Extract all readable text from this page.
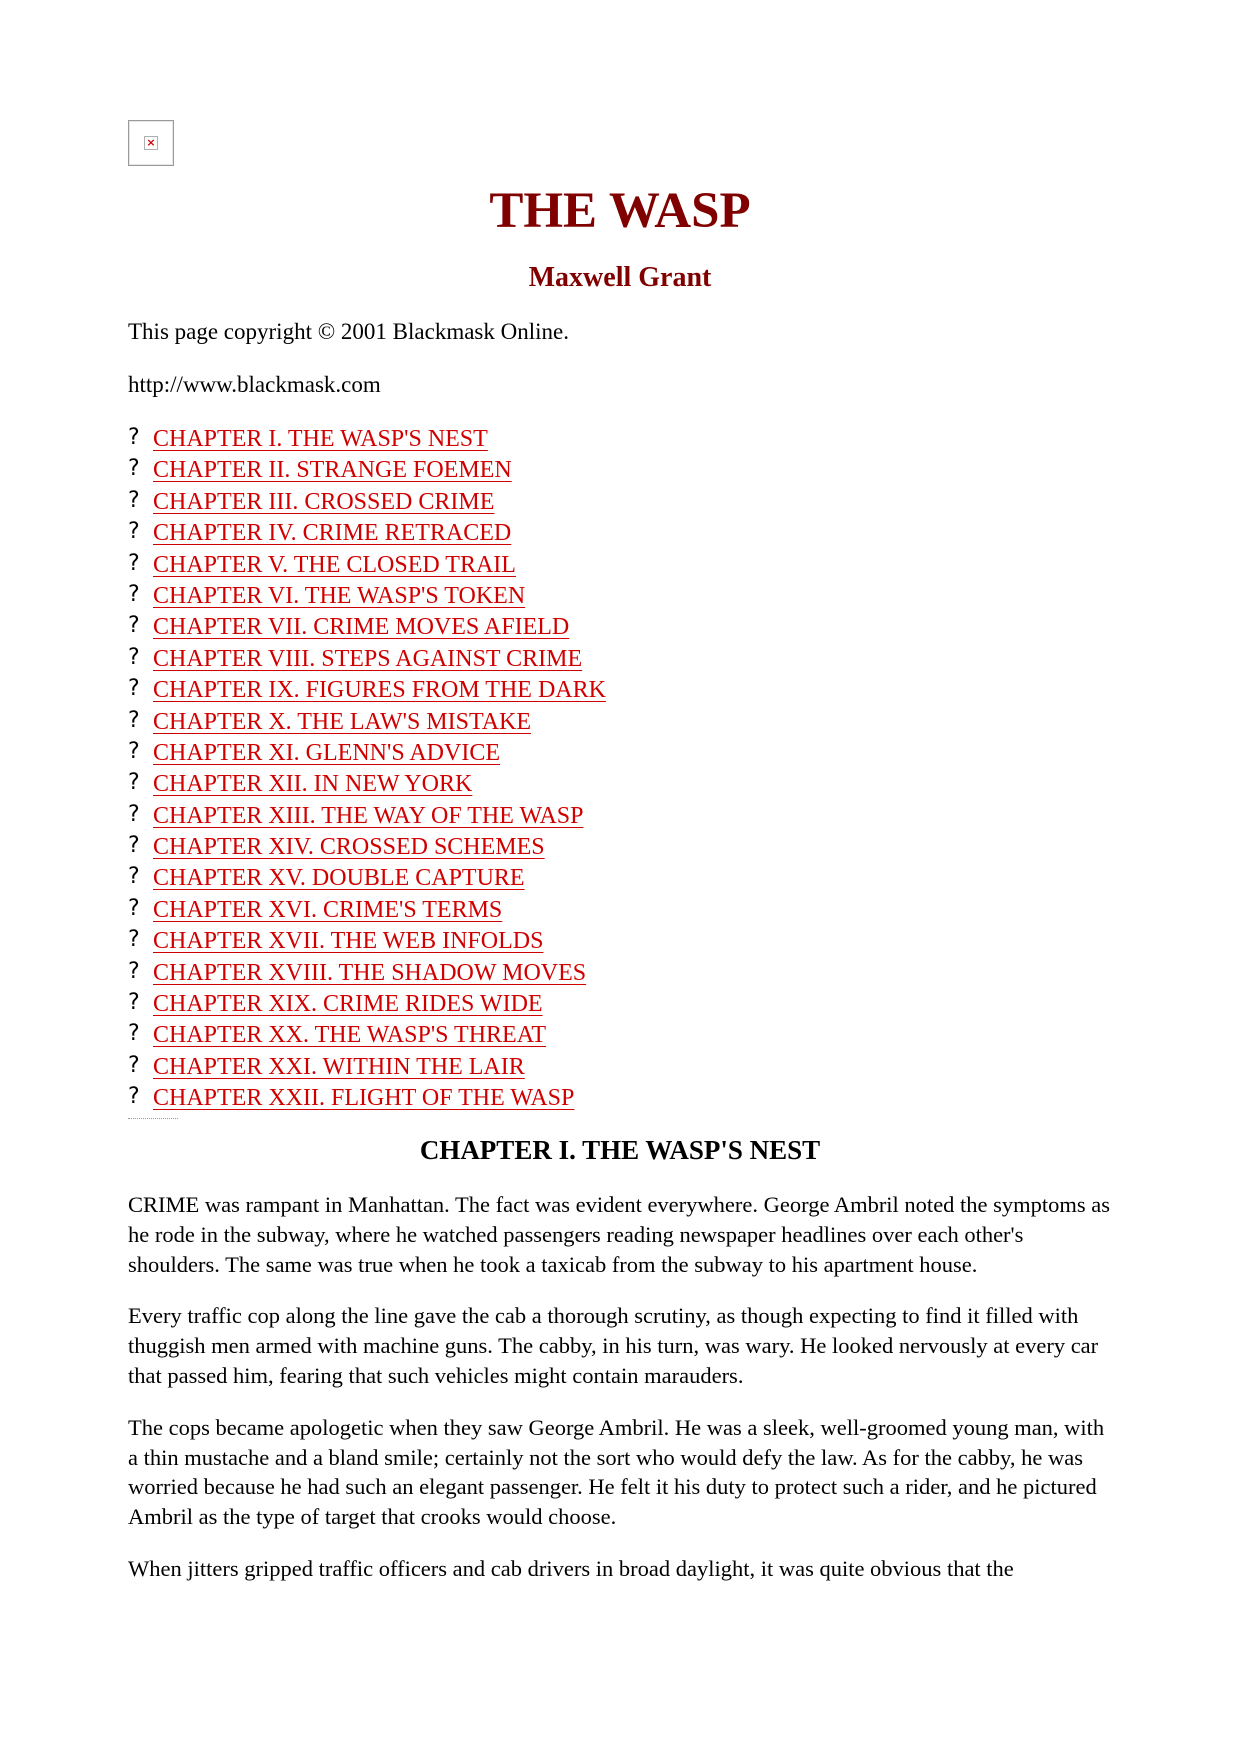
×
THE WASP
Maxwell Grant

This page copyright © 2001 Blackmask Online.

http://www.blackmask.com

? CHAPTER I. THE WASP'S NEST
? CHAPTER II. STRANGE FOEMEN
? CHAPTER III. CROSSED CRIME
? CHAPTER IV. CRIME RETRACED
? CHAPTER V. THE CLOSED TRAIL
? CHAPTER VI. THE WASP'S TOKEN
? CHAPTER VII. CRIME MOVES AFIELD
? CHAPTER VIII. STEPS AGAINST CRIME
? CHAPTER IX. FIGURES FROM THE DARK
? CHAPTER X. THE LAW'S MISTAKE
? CHAPTER XI. GLENN'S ADVICE
? CHAPTER XII. IN NEW YORK
? CHAPTER XIII. THE WAY OF THE WASP
? CHAPTER XIV. CROSSED SCHEMES
? CHAPTER XV. DOUBLE CAPTURE
? CHAPTER XVI. CRIME'S TERMS
? CHAPTER XVII. THE WEB INFOLDS
? CHAPTER XVIII. THE SHADOW MOVES
? CHAPTER XIX. CRIME RIDES WIDE
? CHAPTER XX. THE WASP'S THREAT
? CHAPTER XXI. WITHIN THE LAIR
? CHAPTER XXII. FLIGHT OF THE WASP
CHAPTER I. THE WASP'S NEST

CRIME was rampant in Manhattan. The fact was evident everywhere. George Ambril noted the symptoms as he rode in the subway, where he watched passengers reading newspaper headlines over each other's shoulders. The same was true when he took a taxicab from the subway to his apartment house.

Every traffic cop along the line gave the cab a thorough scrutiny, as though expecting to find it filled with thuggish men armed with machine guns. The cabby, in his turn, was wary. He looked nervously at every car that passed him, fearing that such vehicles might contain marauders.

The cops became apologetic when they saw George Ambril. He was a sleek, well-groomed young man, with a thin mustache and a bland smile; certainly not the sort who would defy the law. As for the cabby, he was worried because he had such an elegant passenger. He felt it his duty to protect such a rider, and he pictured Ambril as the type of target that crooks would choose.

When jitters gripped traffic officers and cab drivers in broad daylight, it was quite obvious that the
